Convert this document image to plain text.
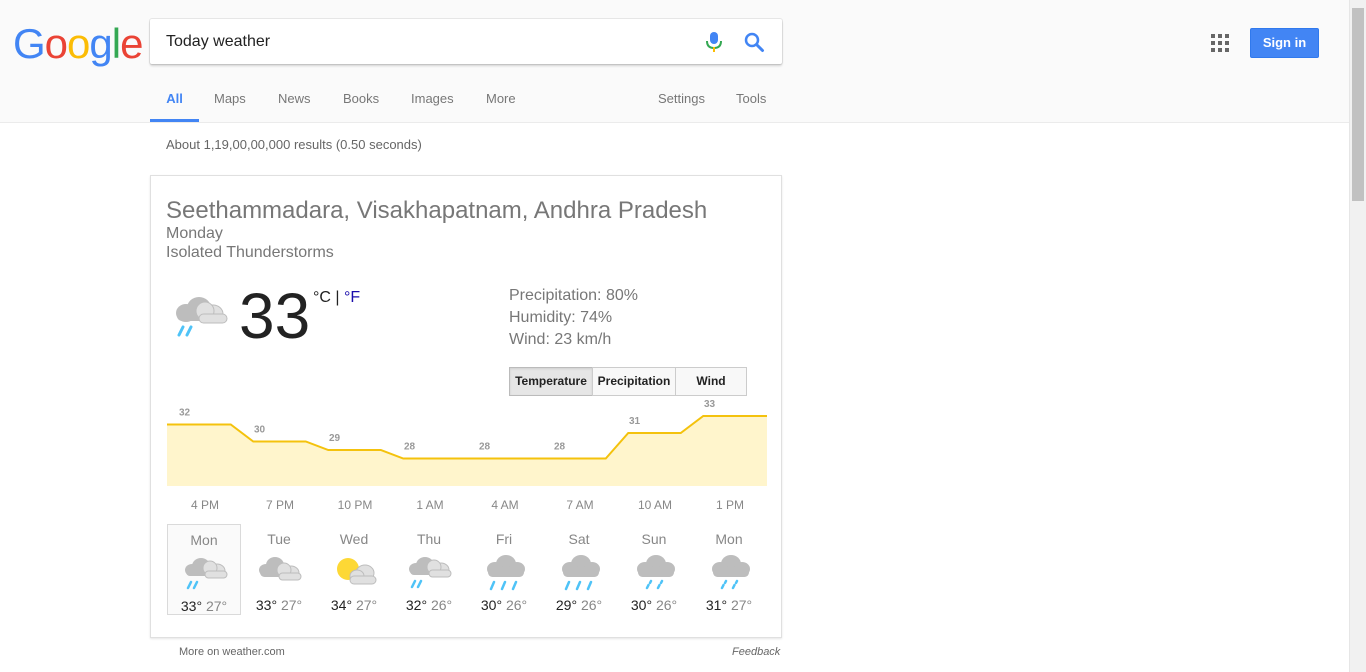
Google
Today weather	Sign in
All	Maps News Books Images More	Settings Tools
About 1,19,00,00,000 results (0.50 seconds)
Seethammadara, Visakhapatnam, Andhra Pradesh
Monday
Isolated Thunderstorms
33 °C | °F	Precipitation: 80%
Humidity: 74%
Wind: 23 km/h
Temperature Precipitation	Wind
32
30
29
28	28	28
31
33
4 PM	7 PM	10 PM	1 AM	4 AM	7 AM	10 AM	1 PM
Mon
33° 27°
Tue
33° 27°
Wed
34° 27°
Thu
32° 26°
Fri
30° 26°
Sat
29° 26°
Sun
30° 26°
Mon
31° 27°
More on weather.com	Feedback
